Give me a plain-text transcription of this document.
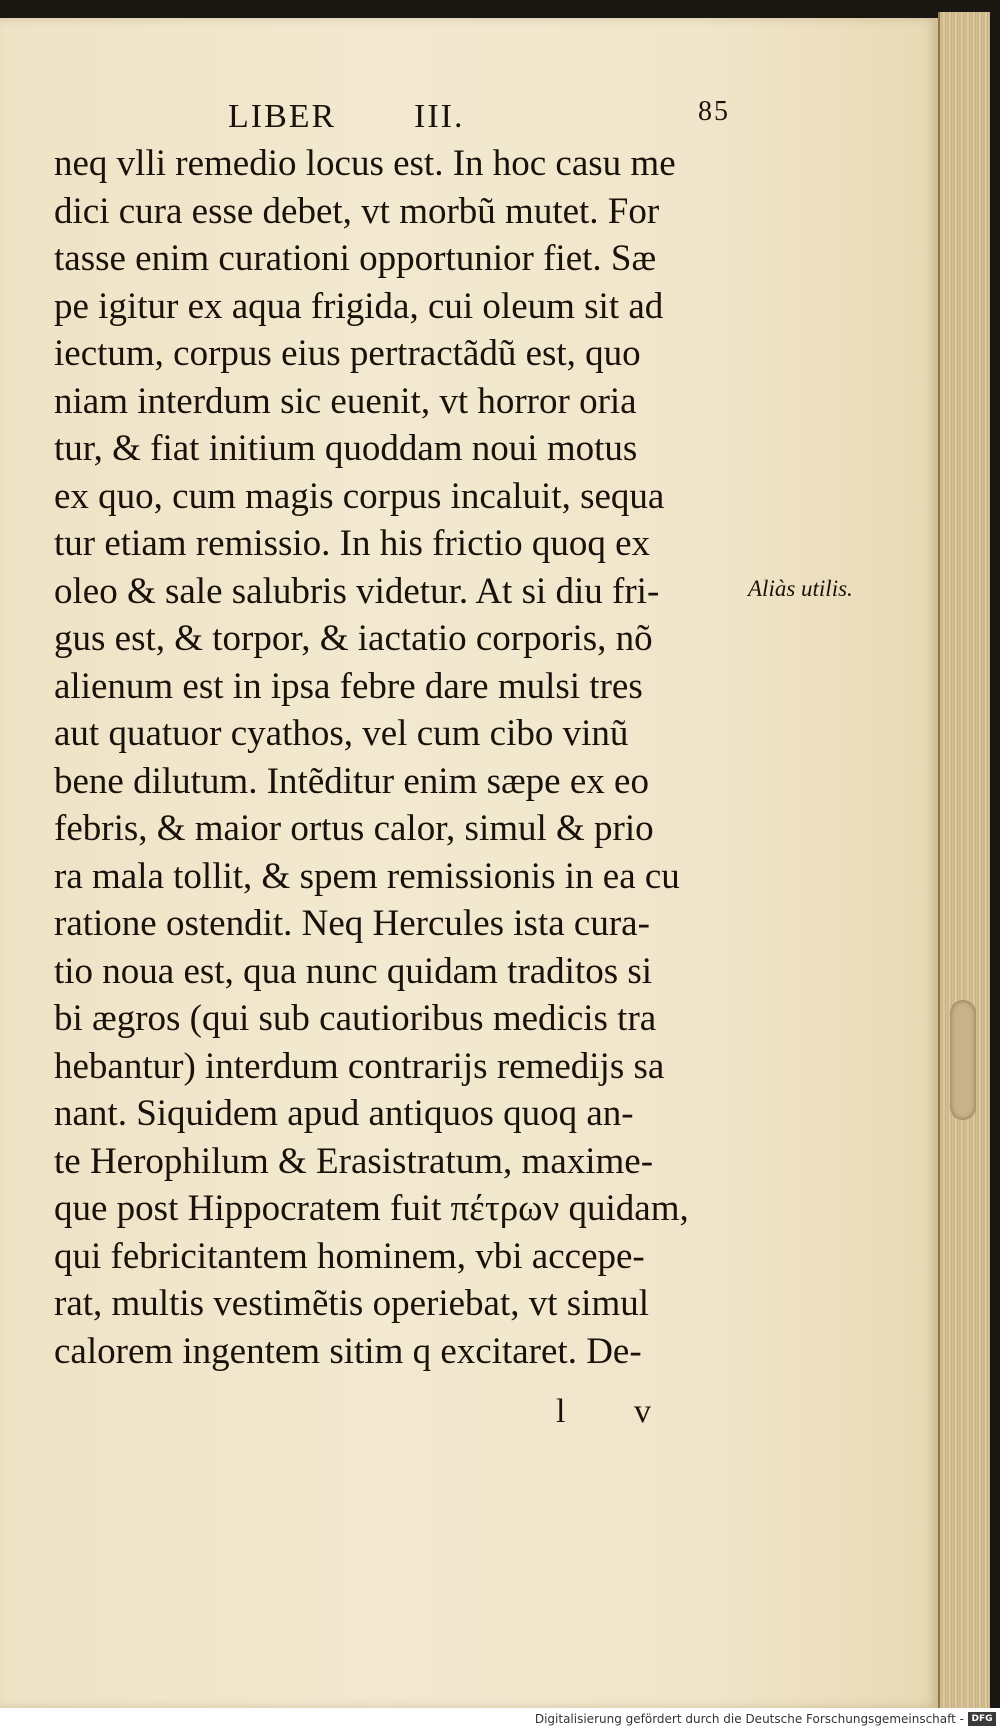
LIBER III.	85
neq vlli remedio locus est. In hoc casu me
dici cura esse debet, vt morbũ mutet. For
tasse enim curationi opportunior fiet. Sæ
pe igitur ex aqua frigida, cui oleum sit ad
iectum, corpus eius pertractãdũ est, quo
niam interdum sic euenit, vt horror oria
tur, & fiat initium quoddam noui motus
ex quo, cum magis corpus incaluit, sequa
tur etiam remissio. In his frictio quoq ex
oleo & sale salubris videtur. At si diu fri-
gus est, & torpor, & iactatio corporis, nõ
alienum est in ipsa febre dare mulsi tres
aut quatuor cyathos, vel cum cibo vinũ
bene dilutum. Intẽditur enim sæpe ex eo
febris, & maior ortus calor, simul & prio
ra mala tollit, & spem remissionis in ea cu
ratione ostendit. Neq Hercules ista cura-
tio noua est, qua nunc quidam traditos si
bi ægros (qui sub cautioribus medicis tra
hebantur) interdum contrarijs remedijs sa
nant. Siquidem apud antiquos quoq an-
te Herophilum & Erasistratum, maxime-
que post Hippocratem fuit πέτρων quidam,
qui febricitantem hominem, vbi accepe-
rat, multis vestimẽtis operiebat, vt simul
calorem ingentem sitim q excitaret. De-
Aliàs utilis.
l v
Digitalisierung gefördert durch die Deutsche Forschungsgemeinschaft - DFG
